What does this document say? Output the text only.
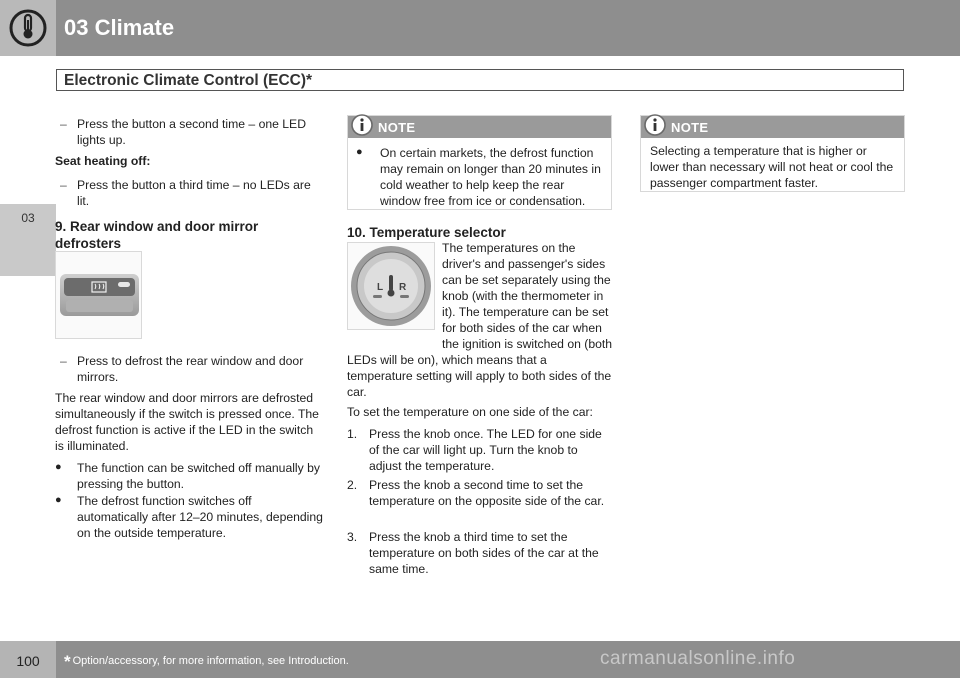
03 Climate
Electronic Climate Control (ECC)*
03
– Press the button a second time – one LED lights up.
Seat heating off:
– Press the button a third time – no LEDs are lit.
9. Rear window and door mirror defrosters
– Press to defrost the rear window and door mirrors.
The rear window and door mirrors are defrosted simultaneously if the switch is pressed once. The defrost function is active if the LED in the switch is illuminated.
● The function can be switched off manually by pressing the button.
● The defrost function switches off automatically after 12–20 minutes, depending on the outside temperature.
NOTE
● On certain markets, the defrost function may remain on longer than 20 minutes in cold weather to help keep the rear window free from ice or condensation.
10. Temperature selector
L R
The temperatures on the driver's and passenger's sides can be set separately using the knob (with the thermometer in it). The temperature can be set for both sides of the car when the ignition is switched on (both LEDs will be on), which means that a temperature setting will apply to both sides of the car.
To set the temperature on one side of the car:
1. Press the knob once. The LED for one side of the car will light up. Turn the knob to adjust the temperature.
2. Press the knob a second time to set the temperature on the opposite side of the car.
3. Press the knob a third time to set the temperature on both sides of the car at the same time.
NOTE
Selecting a temperature that is higher or lower than necessary will not heat or cool the passenger compartment faster.
100	* Option/accessory, for more information, see Introduction.	carmanualsonline.info
